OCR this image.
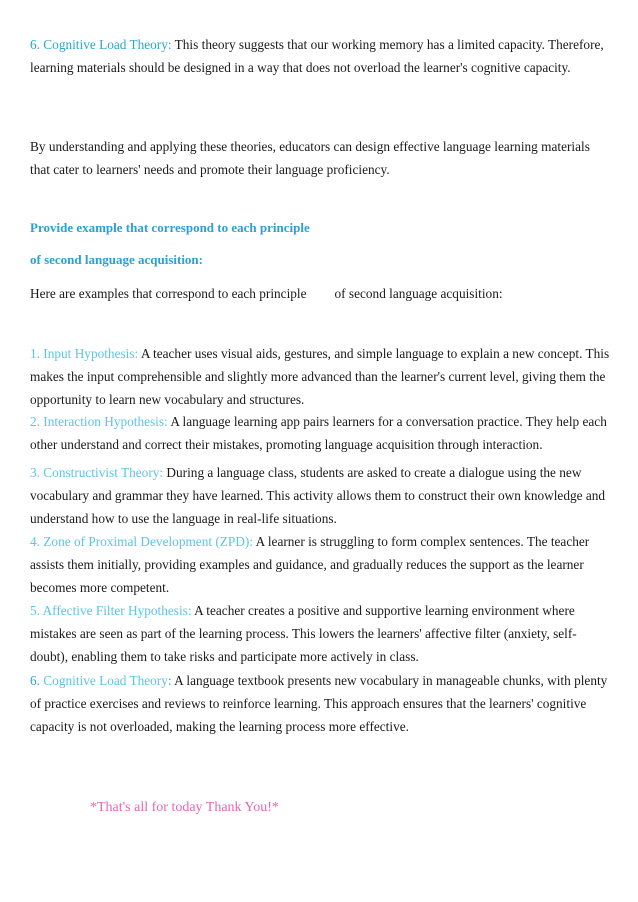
6. Cognitive Load Theory: This theory suggests that our working memory has a limited capacity. Therefore, learning materials should be designed in a way that does not overload the learner's cognitive capacity.

By understanding and applying these theories, educators can design effective language learning materials that cater to learners' needs and promote their language proficiency.

Provide example that correspond to each principle

of second language acquisition:

Here are examples that correspond to each principle of second language acquisition:

1. Input Hypothesis: A teacher uses visual aids, gestures, and simple language to explain a new concept. This makes the input comprehensible and slightly more advanced than the learner's current level, giving them the opportunity to learn new vocabulary and structures.

2. Interaction Hypothesis: A language learning app pairs learners for a conversation practice. They help each other understand and correct their mistakes, promoting language acquisition through interaction.

3. Constructivist Theory: During a language class, students are asked to create a dialogue using the new vocabulary and grammar they have learned. This activity allows them to construct their own knowledge and understand how to use the language in real-life situations.

4. Zone of Proximal Development (ZPD): A learner is struggling to form complex sentences. The teacher assists them initially, providing examples and guidance, and gradually reduces the support as the learner becomes more competent.

5. Affective Filter Hypothesis: A teacher creates a positive and supportive learning environment where mistakes are seen as part of the learning process. This lowers the learners' affective filter (anxiety, self-doubt), enabling them to take risks and participate more actively in class.

6. Cognitive Load Theory: A language textbook presents new vocabulary in manageable chunks, with plenty of practice exercises and reviews to reinforce learning. This approach ensures that the learners' cognitive capacity is not overloaded, making the learning process more effective.

*That's all for today Thank You!*
